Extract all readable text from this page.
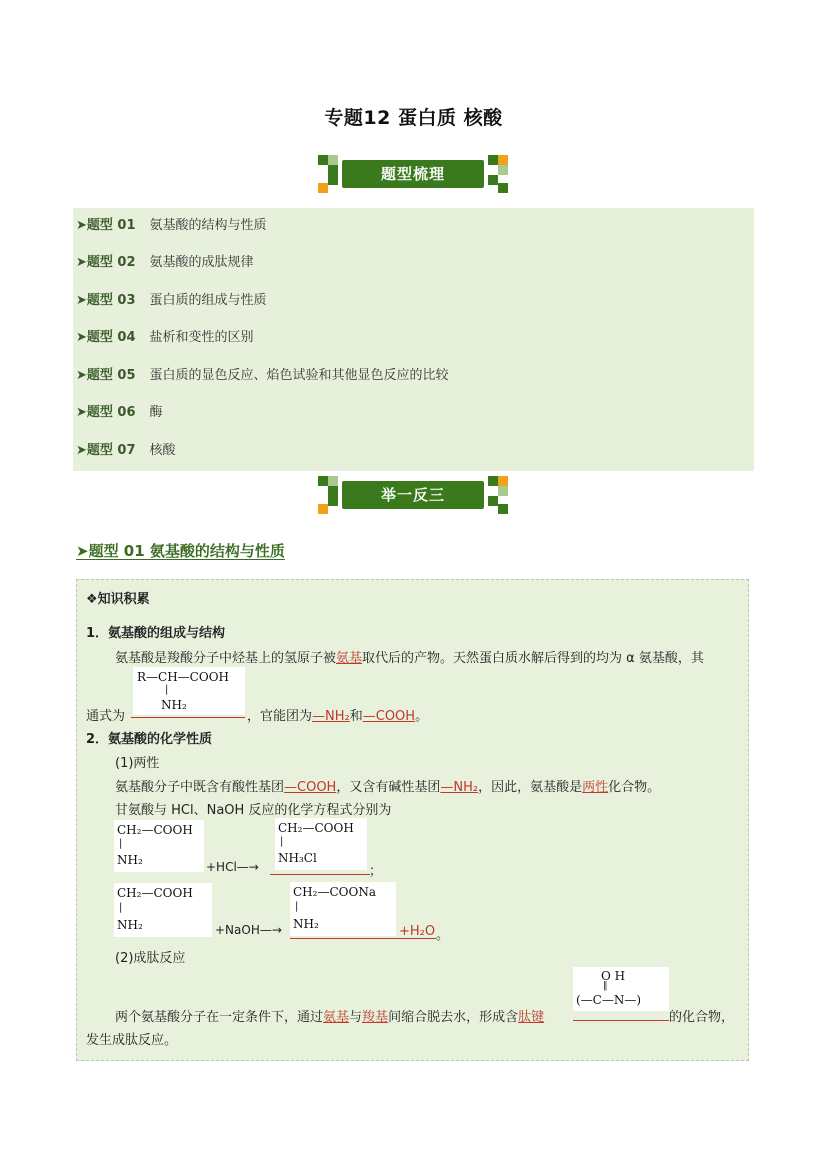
专题12 蛋白质 核酸
题型梳理
➤题型 01 氨基酸的结构与性质
➤题型 02 氨基酸的成肽规律
➤题型 03 蛋白质的组成与性质
➤题型 04 盐析和变性的区别
➤题型 05 蛋白质的显色反应、焰色试验和其他显色反应的比较
➤题型 06 酶
➤题型 07 核酸
举一反三
➤题型 01 氨基酸的结构与性质
❖知识积累
1．氨基酸的组成与结构
氨基酸是羧酸分子中烃基上的氢原子被氨基取代后的产物。天然蛋白质水解后得到的均为 α 氨基酸，其
R—CH—COOH
|
NH₂
通式为	，官能团为—NH₂和—COOH。
2．氨基酸的化学性质
(1)两性
氨基酸分子中既含有酸性基团—COOH，又含有碱性基团—NH₂，因此，氨基酸是两性化合物。
甘氨酸与 HCl、NaOH 反应的化学方程式分别为
CH₂—COOH
|
NH₂	+HCl—→
CH₂—COOH
|
NH₃Cl
；
CH₂—COOH
|
NH₂	+NaOH—→
CH₂—COONa
|
NH₂	+H₂O 。
(2)成肽反应
O H
‖
(—C—N—)
两个氨基酸分子在一定条件下，通过氨基与羧基间缩合脱去水，形成含肽键	的化合物，
发生成肽反应。
